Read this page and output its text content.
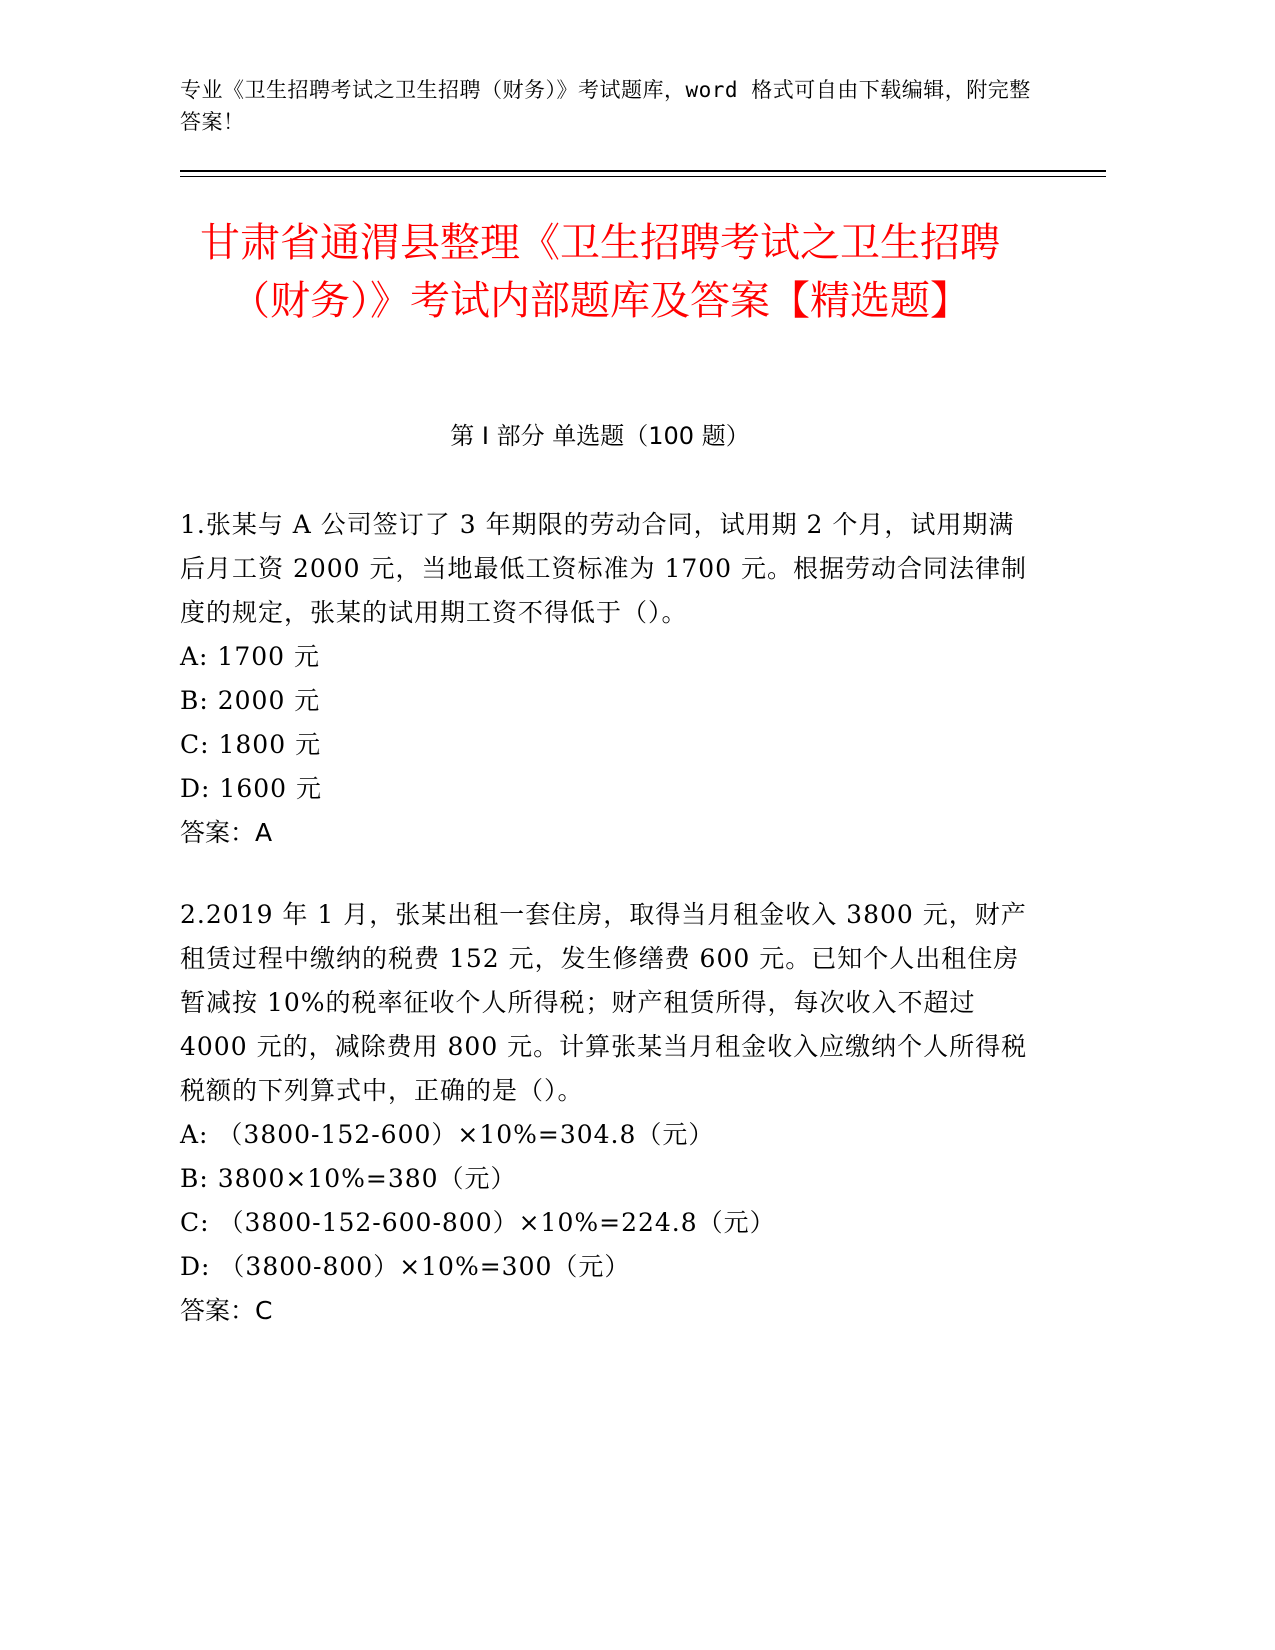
专业《卫生招聘考试之卫生招聘（财务）》考试题库，word 格式可自由下载编辑，附完整答案！
甘肃省通渭县整理《卫生招聘考试之卫生招聘（财务）》考试内部题库及答案【精选题】
第 I 部分 单选题（100 题）
1.张某与 A 公司签订了 3 年期限的劳动合同，试用期 2 个月，试用期满后月工资 2000 元，当地最低工资标准为 1700 元。根据劳动合同法律制度的规定，张某的试用期工资不得低于（）。
A: 1700 元
B: 2000 元
C: 1800 元
D: 1600 元
答案：A
2.2019 年 1 月，张某出租一套住房，取得当月租金收入 3800 元，财产租赁过程中缴纳的税费 152 元，发生修缮费 600 元。已知个人出租住房暂减按 10%的税率征收个人所得税；财产租赁所得，每次收入不超过 4000 元的，减除费用 800 元。计算张某当月租金收入应缴纳个人所得税税额的下列算式中，正确的是（）。
A: （3800-152-600）×10%=304.8（元）
B: 3800×10%=380（元）
C: （3800-152-600-800）×10%=224.8（元）
D: （3800-800）×10%=300（元）
答案：C
